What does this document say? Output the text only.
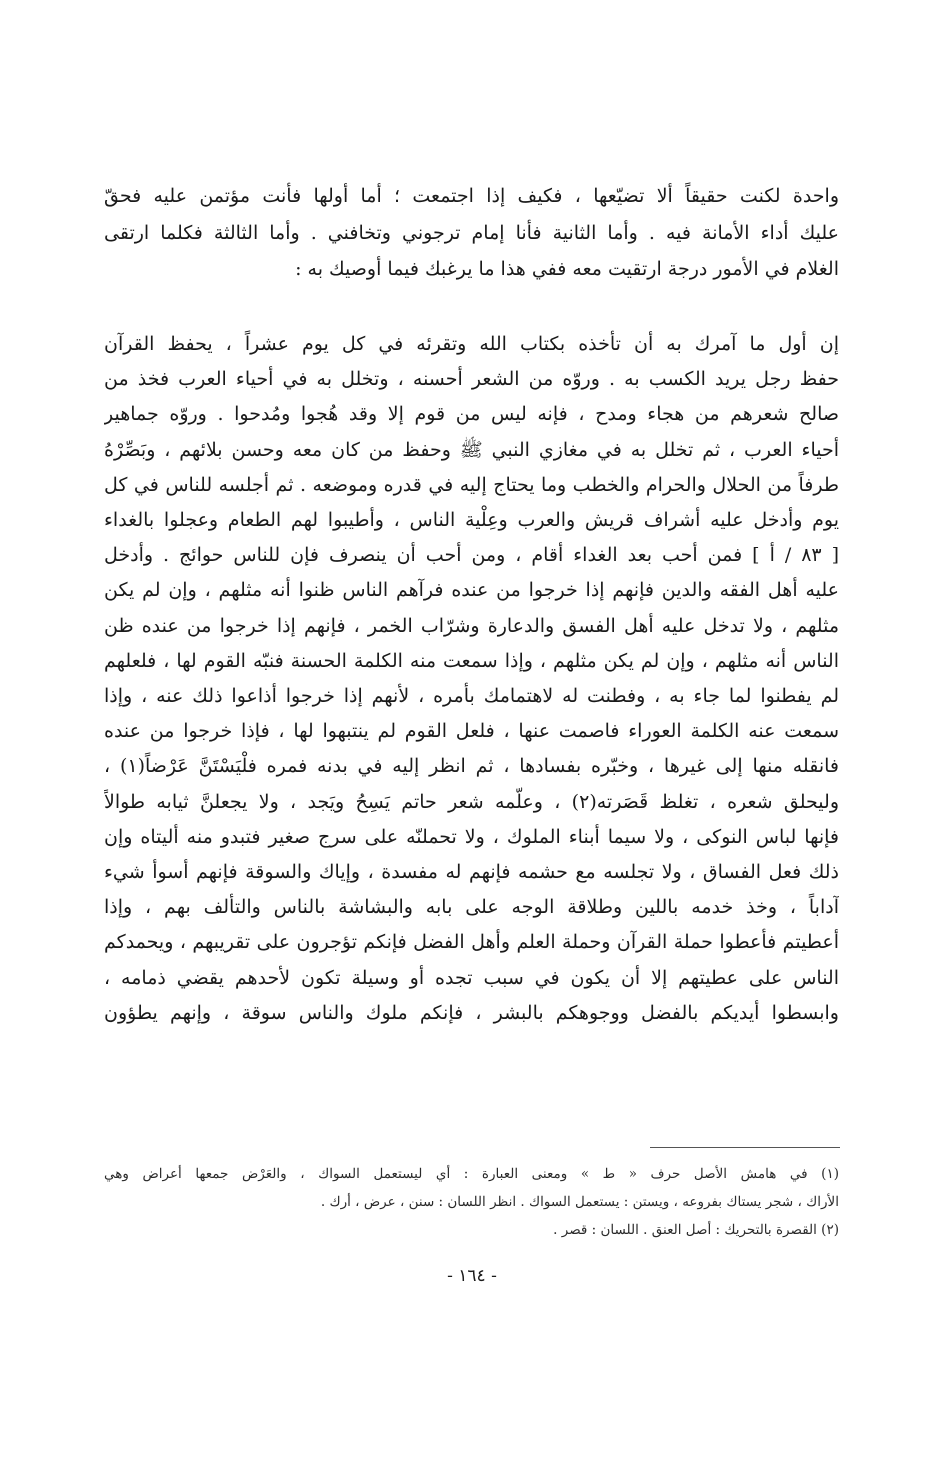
واحدة لكنت حقيقاً ألا تضيّعها ، فكيف إذا اجتمعت ؛ أما أولها فأنت مؤتمن عليه فحقّ
عليك أداء الأمانة فيه . وأما الثانية فأنا إمام ترجوني وتخافني . وأما الثالثة فكلما ارتقى
الغلام في الأمور درجة ارتقيت معه ففي هذا ما يرغبك فيما أوصيك به :
إن أول ما آمرك به أن تأخذه بكتاب الله وتقرئه في كل يوم عشراً ، يحفظ القرآن
حفظ رجل يريد الكسب به . وروّه من الشعر أحسنه ، وتخلل به في أحياء العرب فخذ من
صالح شعرهم من هجاء ومدح ، فإنه ليس من قوم إلا وقد هُجوا ومُدحوا . وروّه جماهير
أحياء العرب ، ثم تخلل به في مغازي النبي ﷺ وحفظ من كان معه وحسن بلائهم ، وبَصِّرْهُ
طرفاً من الحلال والحرام والخطب وما يحتاج إليه في قدره وموضعه . ثم أجلسه للناس في كل
يوم وأدخل عليه أشراف قريش والعرب وعِلْية الناس ، وأطيبوا لهم الطعام وعجلوا بالغداء
[ ٨٣ / أ ] فمن أحب بعد الغداء أقام ، ومن أحب أن ينصرف فإن للناس حوائج . وأدخل
عليه أهل الفقه والدين فإنهم إذا خرجوا من عنده فرآهم الناس ظنوا أنه مثلهم ، وإن لم يكن
مثلهم ، ولا تدخل عليه أهل الفسق والدعارة وشرّاب الخمر ، فإنهم إذا خرجوا من عنده ظن
الناس أنه مثلهم ، وإن لم يكن مثلهم ، وإذا سمعت منه الكلمة الحسنة فنبّه القوم لها ، فلعلهم
لم يفطنوا لما جاء به ، وفطنت له لاهتمامك بأمره ، لأنهم إذا خرجوا أذاعوا ذلك عنه ، وإذا
سمعت عنه الكلمة العوراء فاصمت عنها ، فلعل القوم لم ينتبهوا لها ، فإذا خرجوا من عنده
فانقله منها إلى غيرها ، وخبّره بفسادها ، ثم انظر إليه في بدنه فمره فلْيَسْتَنَّ عَرْضاً(١) ،
وليحلق شعره ، تغلظ قَصَرته(٢) ، وعلّمه شعر حاتم يَسِحُ ويَجد ، ولا يجعلنَّ ثيابه طوالاً
فإنها لباس النوكى ، ولا سيما أبناء الملوك ، ولا تحملنّه على سرج صغير فتبدو منه أليتاه وإن
ذلك فعل الفساق ، ولا تجلسه مع حشمه فإنهم له مفسدة ، وإياك والسوقة فإنهم أسوأ شيء
آداباً ، وخذ خدمه باللين وطلاقة الوجه على بابه والبشاشة بالناس والتألف بهم ، وإذا
أعطيتم فأعطوا حملة القرآن وحملة العلم وأهل الفضل فإنكم تؤجرون على تقريبهم ، ويحمدكم
الناس على عطيتهم إلا أن يكون في سبب تجده أو وسيلة تكون لأحدهم يقضي ذمامه ،
وابسطوا أيديكم بالفضل ووجوهكم بالبشر ، فإنكم ملوك والناس سوقة ، وإنهم يطؤون
(١) في هامش الأصل حرف « ط » ومعنى العبارة : أي ليستعمل السواك ، والعَرْض جمعها أعراض وهي
الأراك ، شجر يستاك بفروعه ، ويستن : يستعمل السواك . انظر اللسان : سنن ، عرض ، أرك .
(٢) القصرة بالتحريك : أصل العنق . اللسان : قصر .
- ١٦٤ -
